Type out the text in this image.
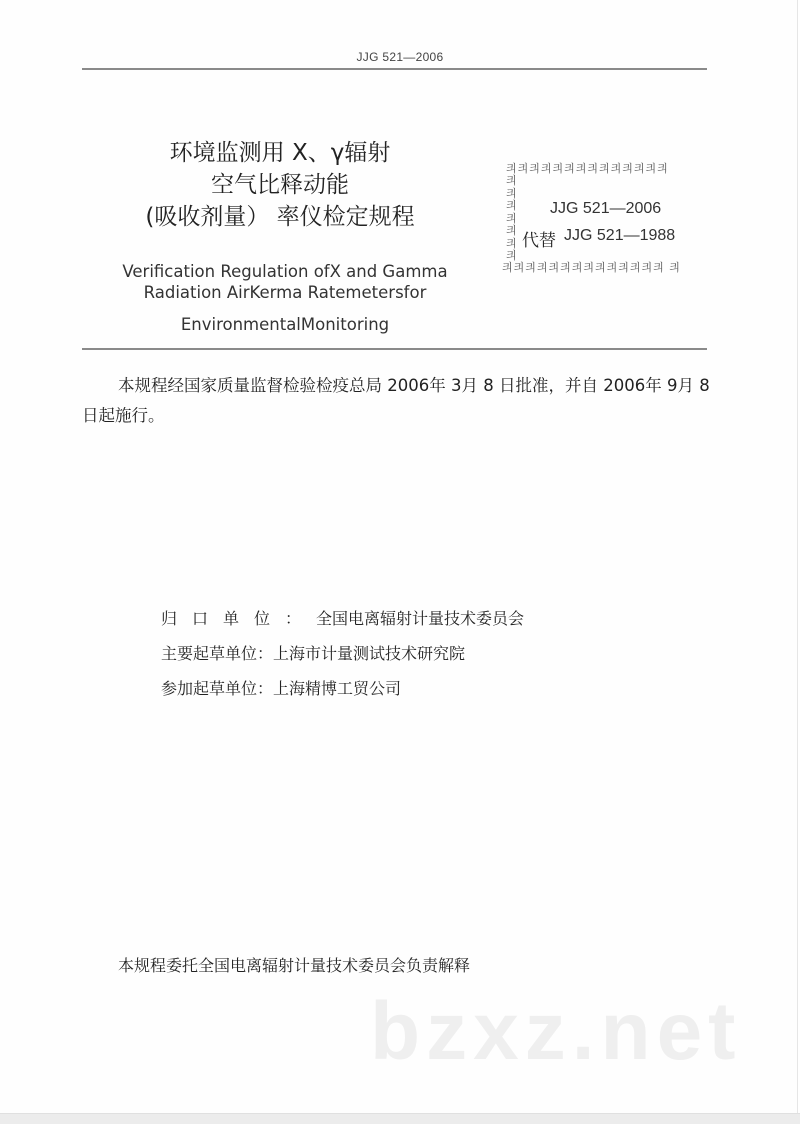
JJG 521—2006
环境监测用 X、γ辐射
空气比释动能
(吸收剂量） 率仪检定规程
Verification Regulation ofX and Gamma
Radiation AirKerma Ratemetersfor
EnvironmentalMonitoring
킈킈킈킈킈킈킈킈킈킈킈킈킈킈
킈 킈 킈 킈 킈 킈 킈
ᅟ ᅟ ᅟ ᅟ ᅟ ᅟ ᅟ
JJG 521—2006
代替 JJG 521—1988
킈킈킈킈킈킈킈킈킈킈킈킈킈킈 킈
本规程经国家质量监督检验检疫总局 2006年 3月 8 日批准，并自 2006年 9月 8 日起施行。
归口单位：全国电离辐射计量技术委员会
主要起草单位：上海市计量测试技术研究院
参加起草单位：上海精博工贸公司
本规程委托全国电离辐射计量技术委员会负责解释
bzxz.net
